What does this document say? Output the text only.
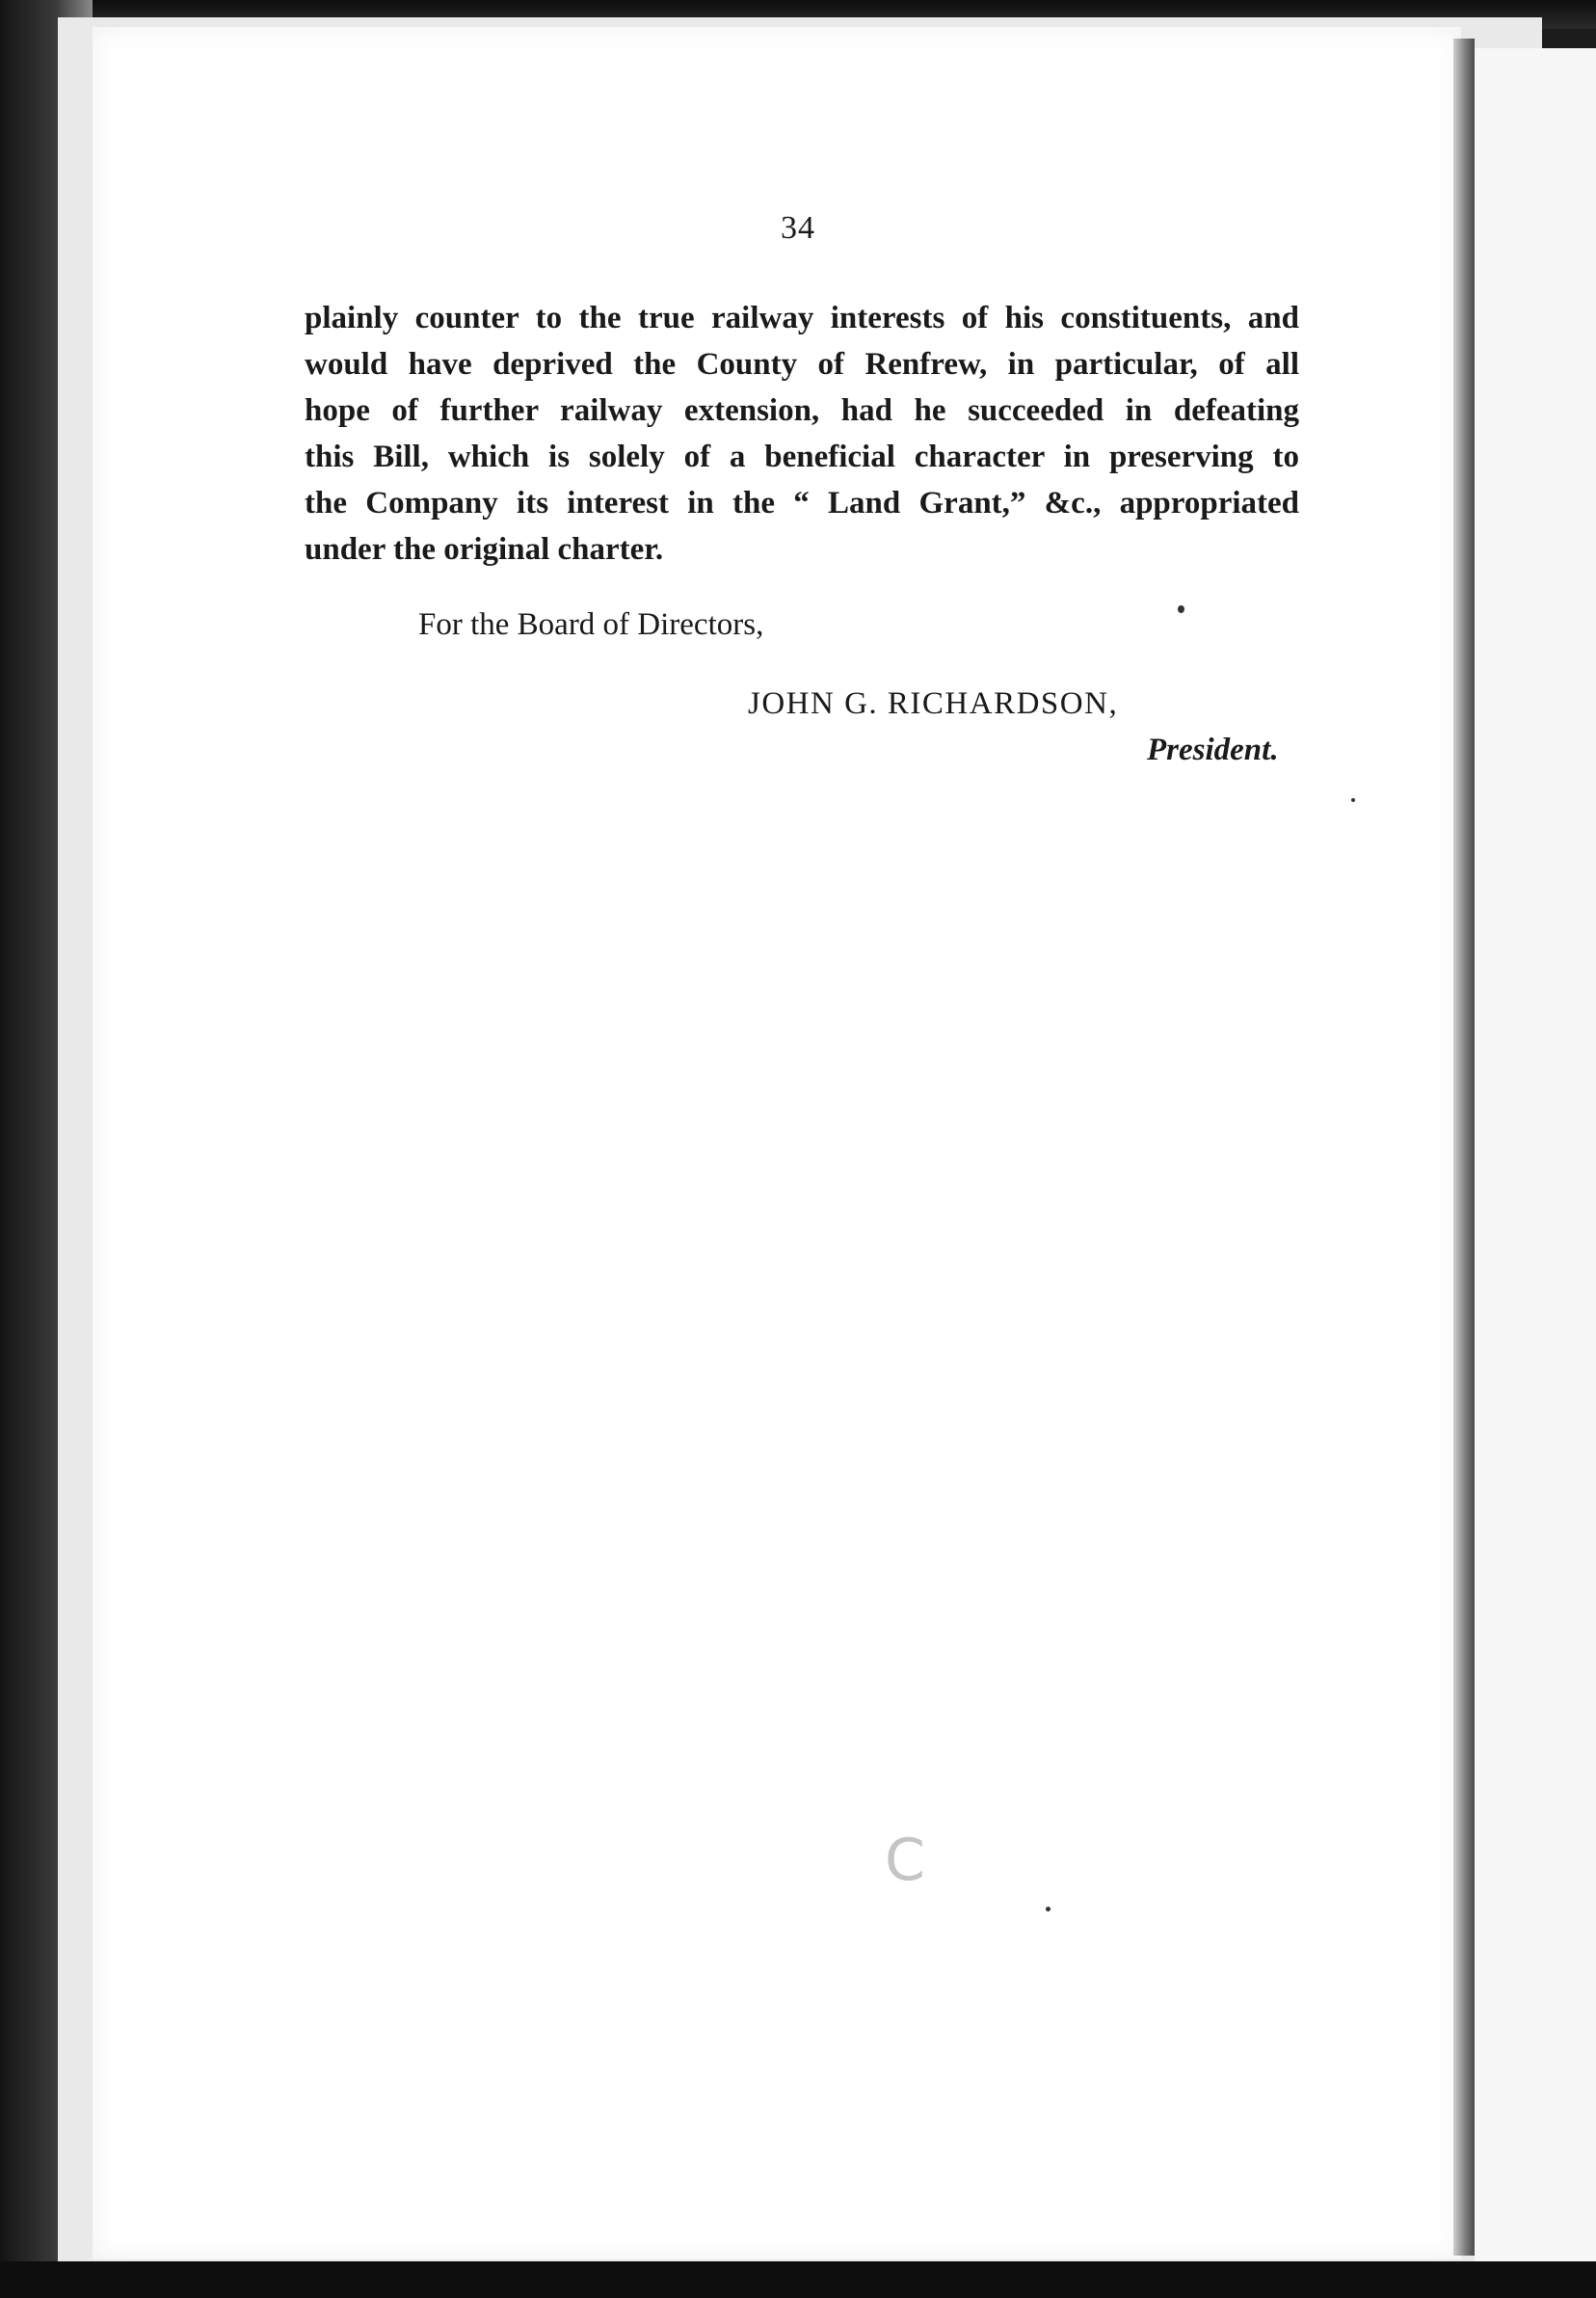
34
plainly counter to the true railway interests of his constituents, and
would have deprived the County of Renfrew, in particular, of all
hope of further railway extension, had he succeeded in defeating
this Bill, which is solely of a beneficial character in preserving to
the Company its interest in the “ Land Grant,” &c., appropriated
under the original charter.
For the Board of Directors,
JOHN G. RICHARDSON,
President.
C
